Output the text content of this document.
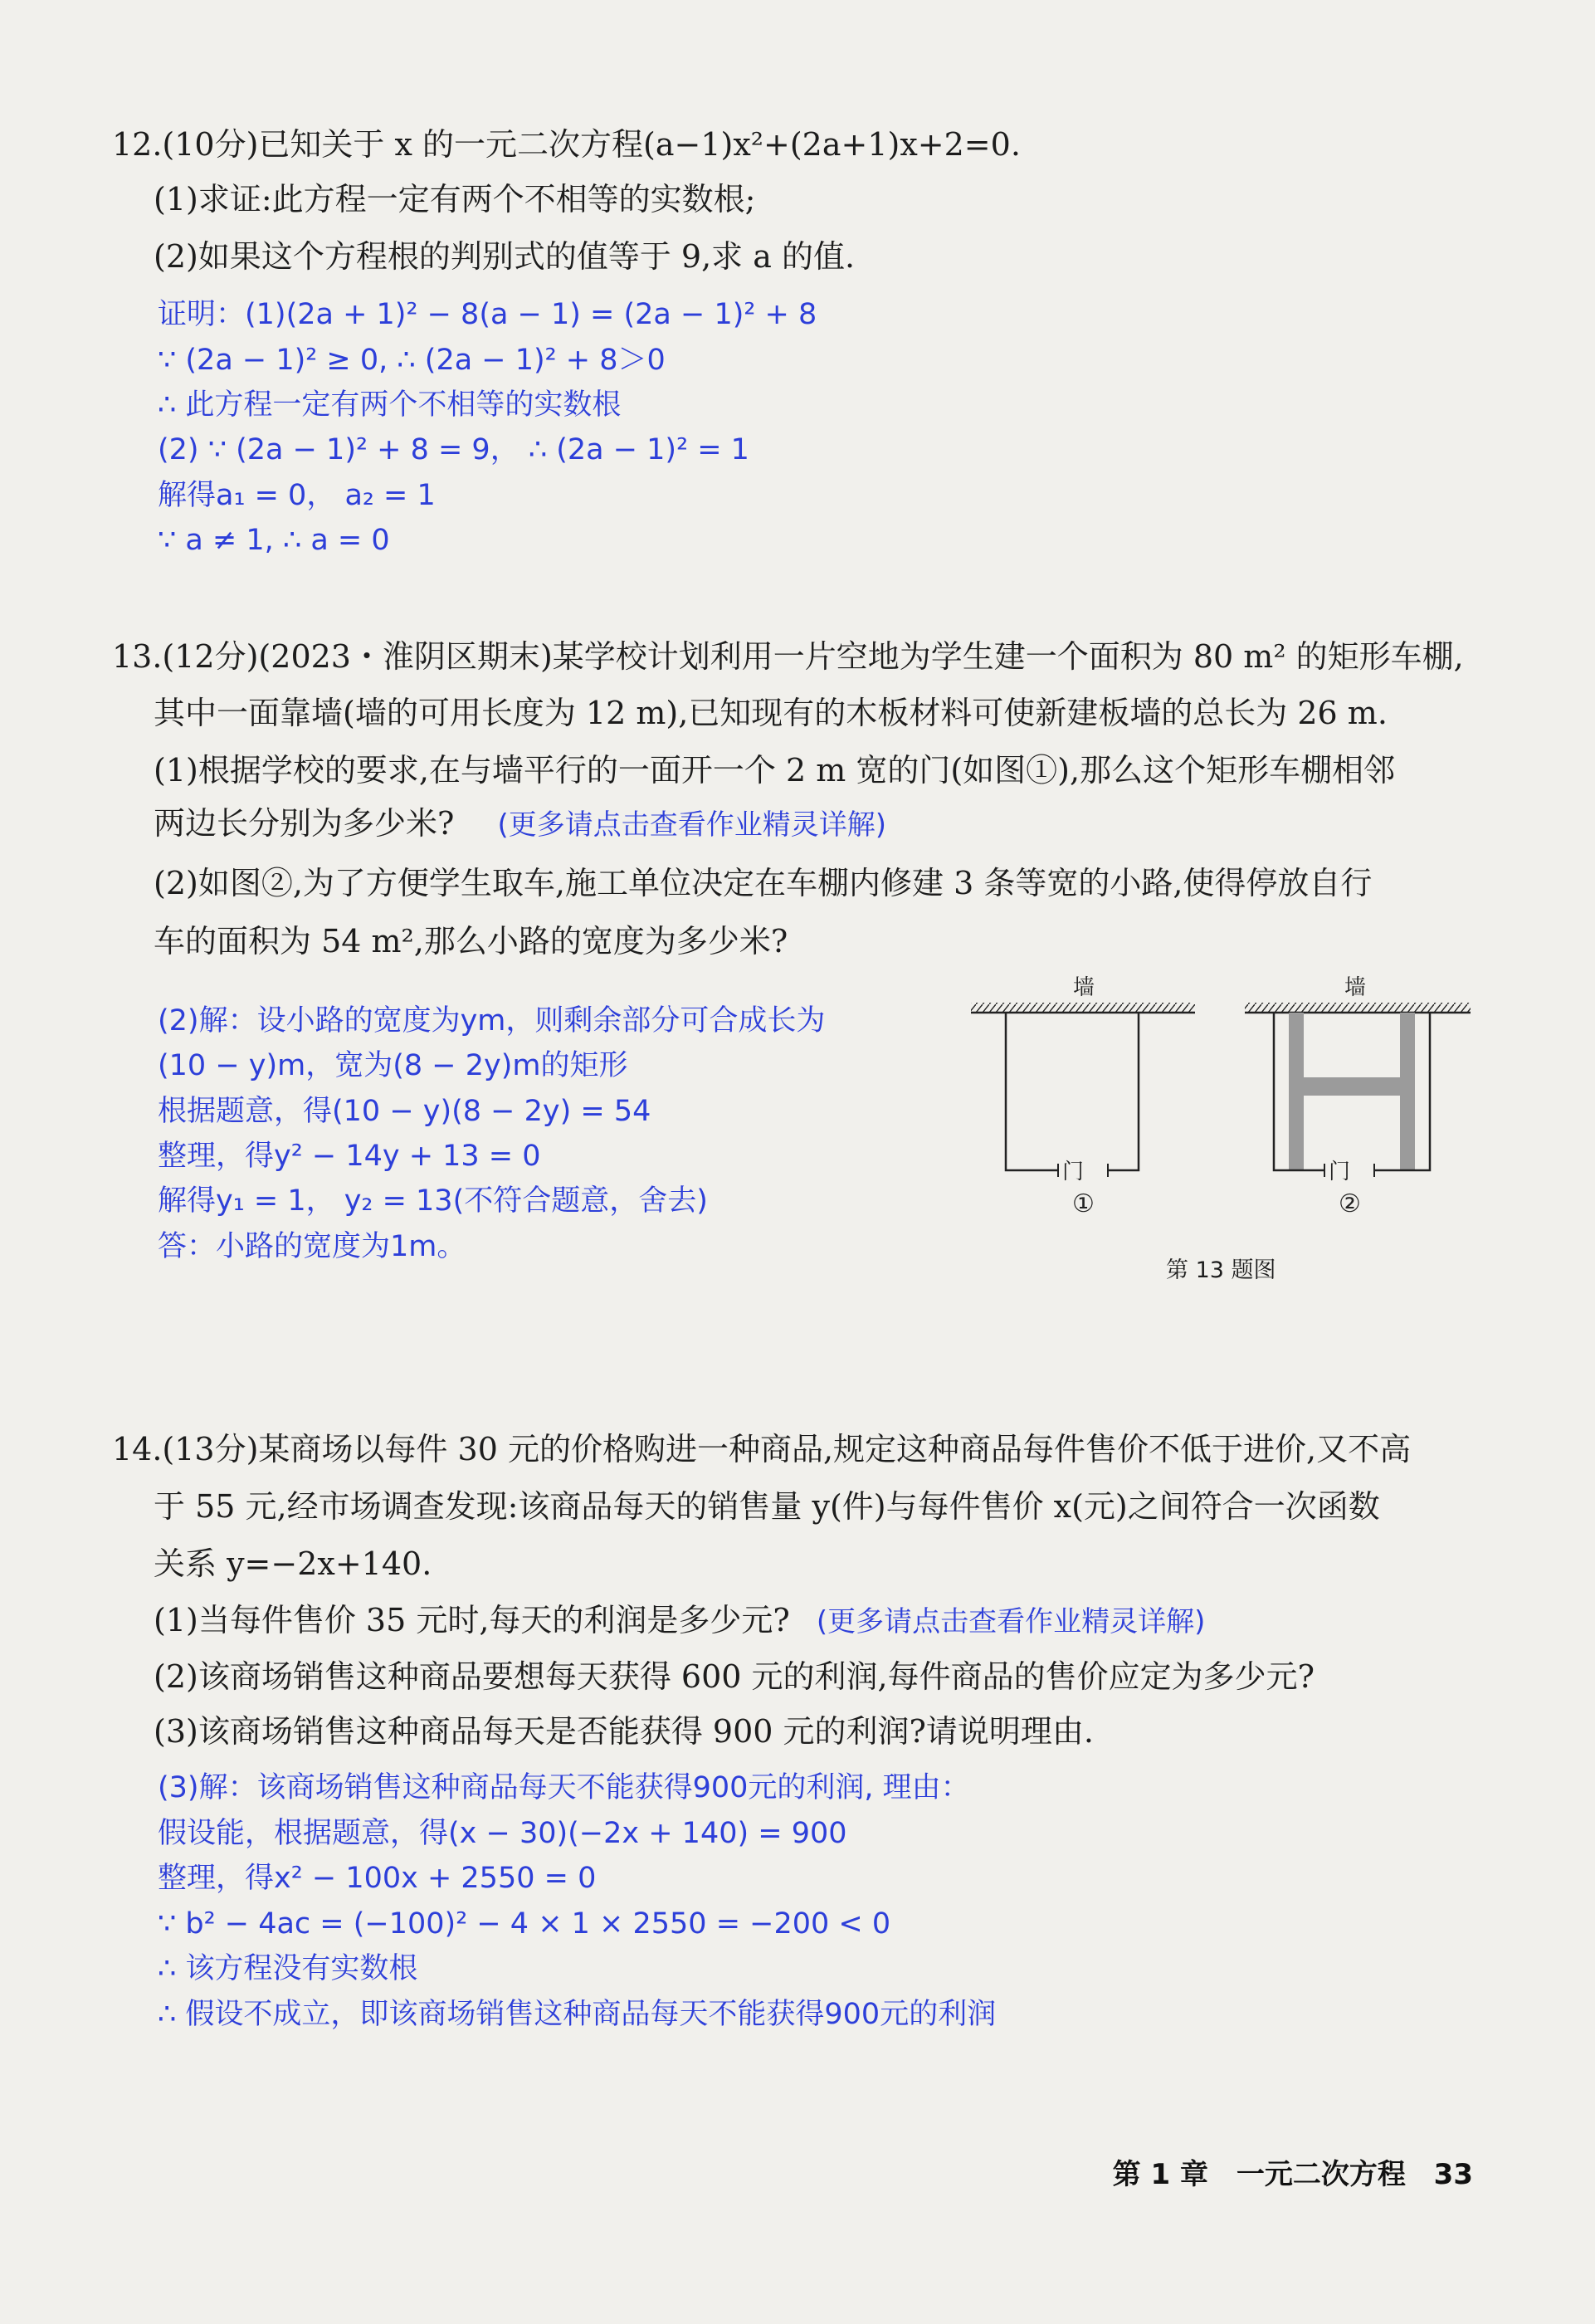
12.(10分)已知关于 x 的一元二次方程(a−1)x²+(2a+1)x+2=0.
(1)求证:此方程一定有两个不相等的实数根;
(2)如果这个方程根的判别式的值等于 9,求 a 的值.
证明：(1)(2a + 1)² − 8(a − 1) = (2a − 1)² + 8
∵ (2a − 1)² ≥ 0, ∴ (2a − 1)² + 8＞0
∴ 此方程一定有两个不相等的实数根
(2) ∵ (2a − 1)² + 8 = 9， ∴ (2a − 1)² = 1
解得a₁ = 0， a₂ = 1
∵ a ≠ 1, ∴ a = 0
13.(12分)(2023・淮阴区期末)某学校计划利用一片空地为学生建一个面积为 80 m² 的矩形车棚,
其中一面靠墙(墙的可用长度为 12 m),已知现有的木板材料可使新建板墙的总长为 26 m.
(1)根据学校的要求,在与墙平行的一面开一个 2 m 宽的门(如图①),那么这个矩形车棚相邻
两边长分别为多少米? (更多请点击查看作业精灵详解)
(2)如图②,为了方便学生取车,施工单位决定在车棚内修建 3 条等宽的小路,使得停放自行
车的面积为 54 m²,那么小路的宽度为多少米?
(2)解：设小路的宽度为ym，则剩余部分可合成长为
(10 − y)m，宽为(8 − 2y)m的矩形
根据题意，得(10 − y)(8 − 2y) = 54
整理，得y² − 14y + 13 = 0
解得y₁ = 1， y₂ = 13(不符合题意，舍去)
答：小路的宽度为1m。
墙
门
①
墙
门
②
第 13 题图
14.(13分)某商场以每件 30 元的价格购进一种商品,规定这种商品每件售价不低于进价,又不高
于 55 元,经市场调查发现:该商品每天的销售量 y(件)与每件售价 x(元)之间符合一次函数
关系 y=−2x+140.
(1)当每件售价 35 元时,每天的利润是多少元? (更多请点击查看作业精灵详解)
(2)该商场销售这种商品要想每天获得 600 元的利润,每件商品的售价应定为多少元?
(3)该商场销售这种商品每天是否能获得 900 元的利润?请说明理由.
(3)解：该商场销售这种商品每天不能获得900元的利润, 理由：
假设能，根据题意，得(x − 30)(−2x + 140) = 900
整理，得x² − 100x + 2550 = 0
∵ b² − 4ac = (−100)² − 4 × 1 × 2550 = −200 < 0
∴ 该方程没有实数根
∴ 假设不成立，即该商场销售这种商品每天不能获得900元的利润
第 1 章 一元二次方程 33
